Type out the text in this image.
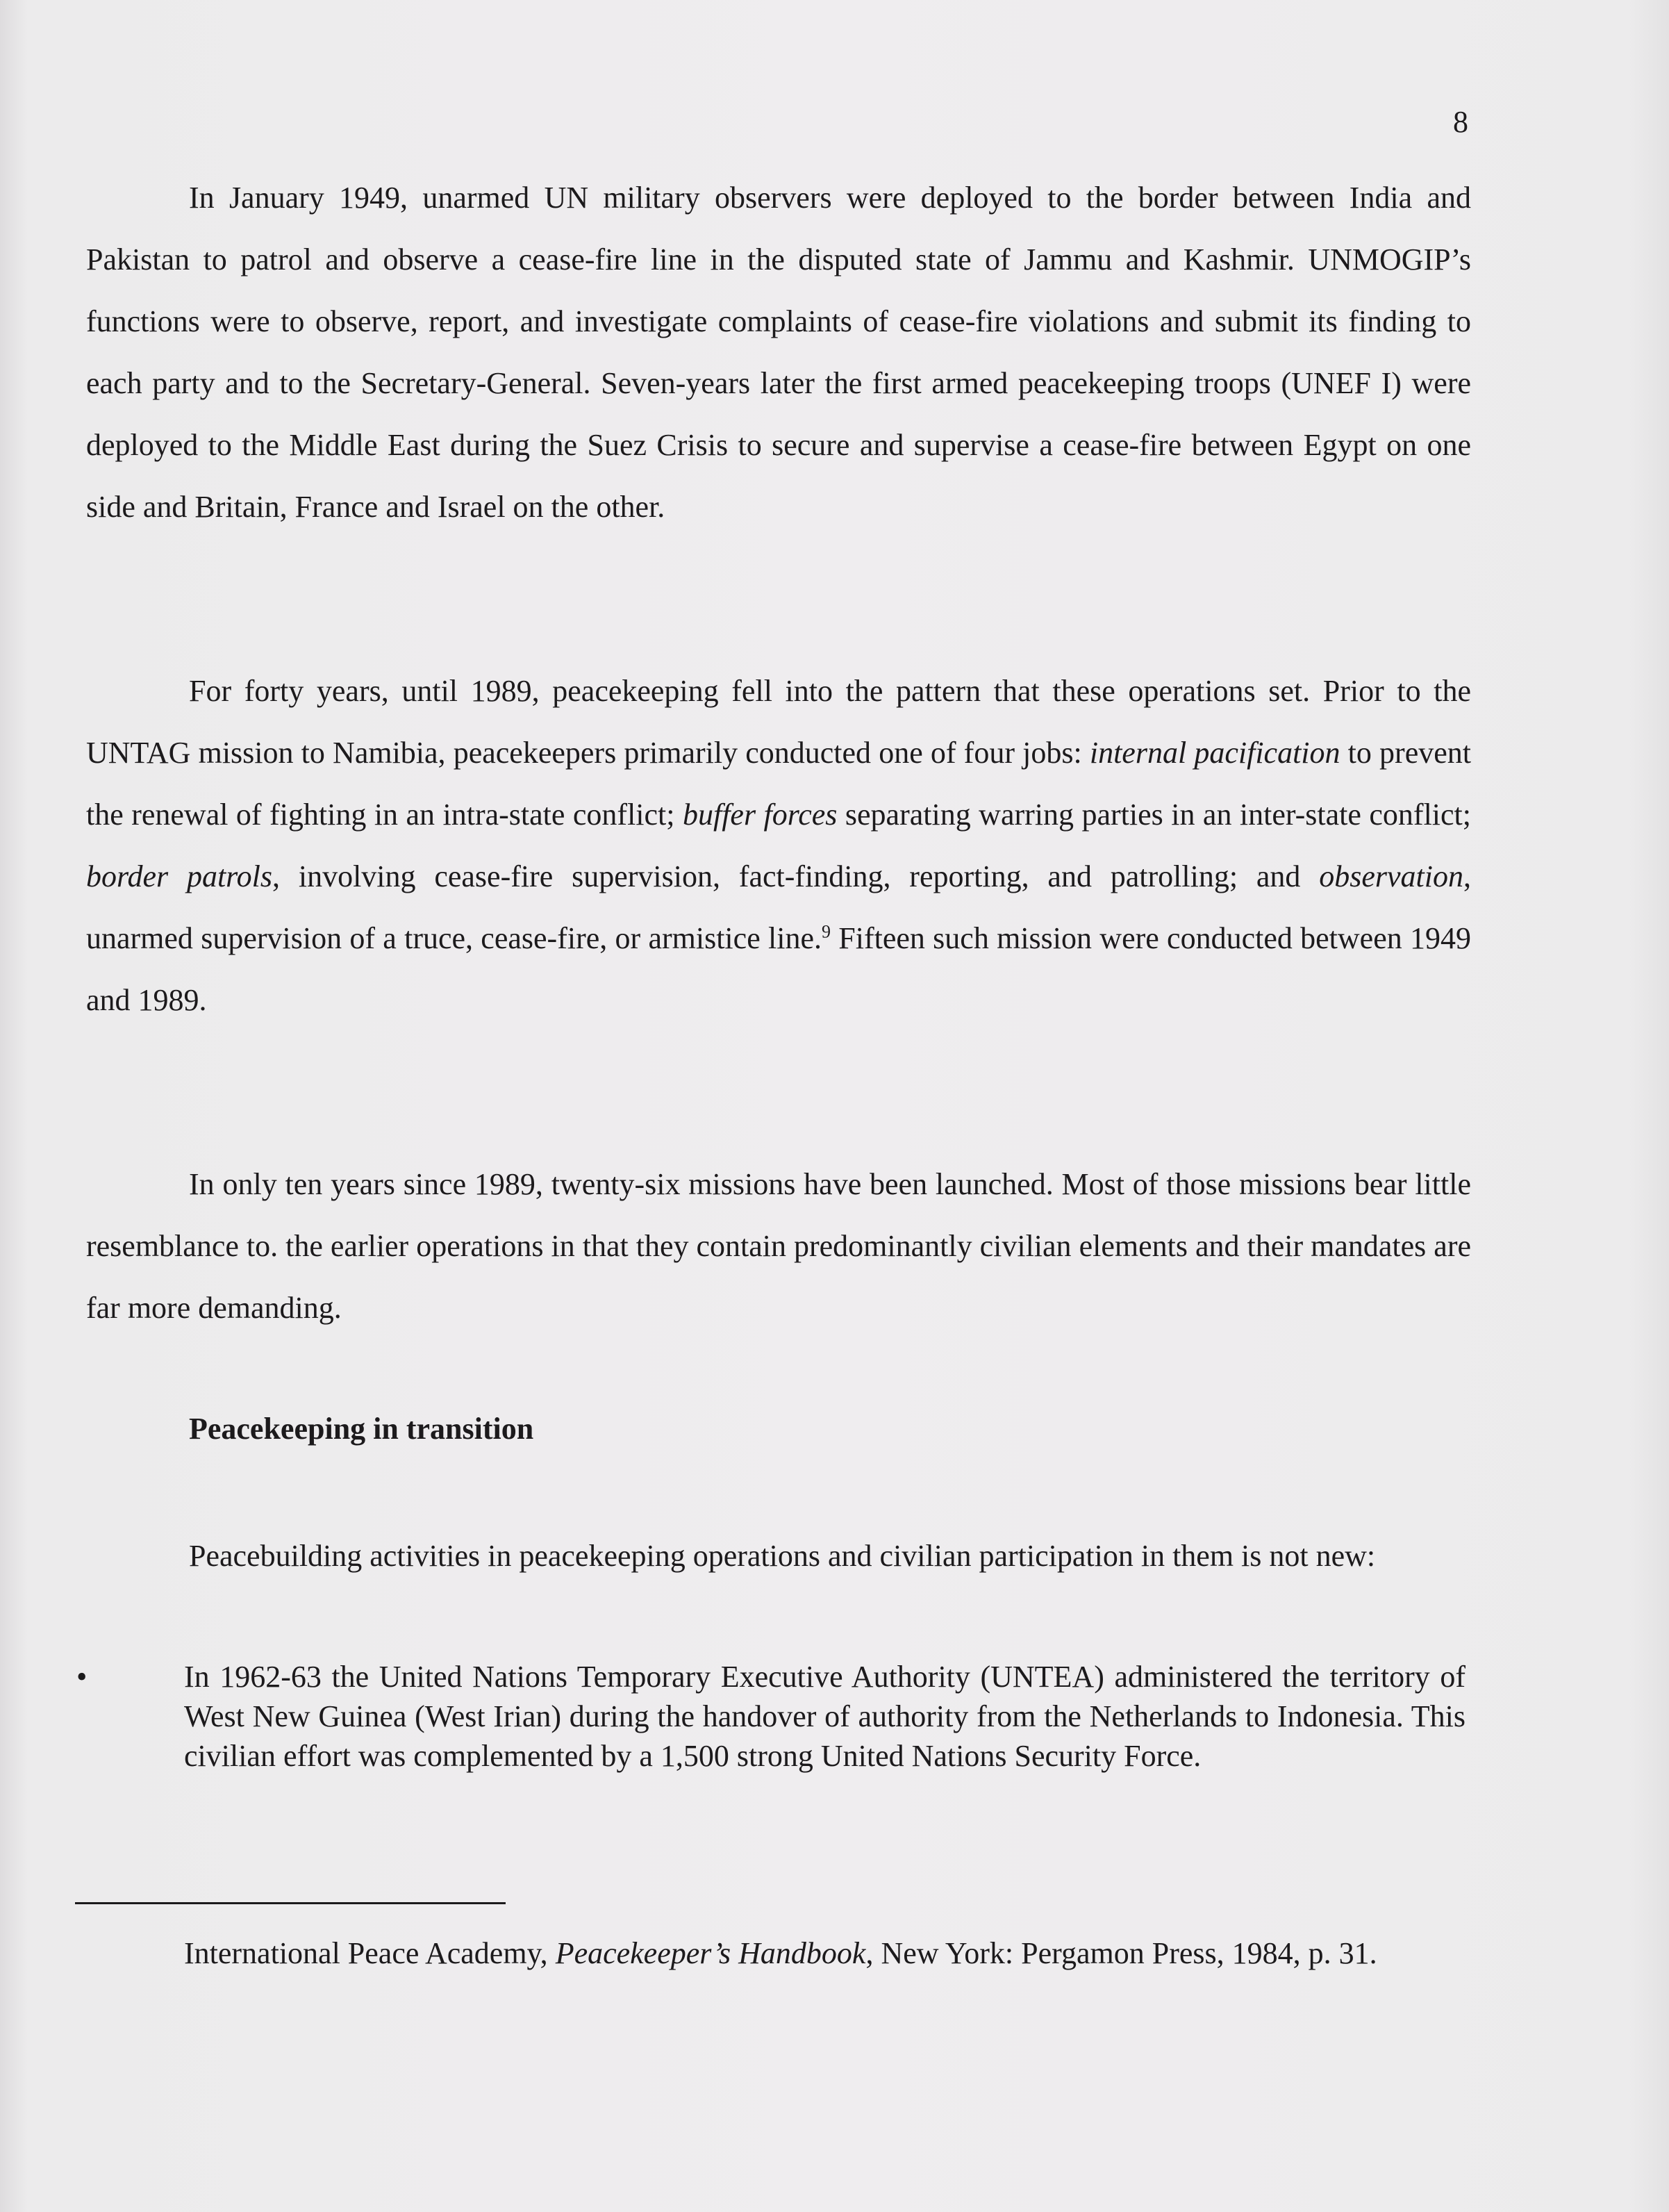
8

In January 1949, unarmed UN military observers were deployed to the border between India and Pakistan to patrol and observe a cease-fire line in the disputed state of Jammu and Kashmir. UNMOGIP’s functions were to observe, report, and investigate complaints of cease-fire violations and submit its finding to each party and to the Secretary-General. Seven-years later the first armed peacekeeping troops (UNEF I) were deployed to the Middle East during the Suez Crisis to secure and supervise a cease-fire between Egypt on one side and Britain, France and Israel on the other.

For forty years, until 1989, peacekeeping fell into the pattern that these operations set. Prior to the UNTAG mission to Namibia, peacekeepers primarily conducted one of four jobs: internal pacification to prevent the renewal of fighting in an intra-state conflict; buffer forces separating warring parties in an inter-state conflict; border patrols, involving cease-fire supervision, fact-finding, reporting, and patrolling; and observation, unarmed supervision of a truce, cease-fire, or armistice line.$^9$ Fifteen such mission were conducted between 1949 and 1989.

In only ten years since 1989, twenty-six missions have been launched. Most of those missions bear little resemblance to. the earlier operations in that they contain predominantly civilian elements and their mandates are far more demanding.

Peacekeeping in transition

Peacebuilding activities in peacekeeping operations and civilian participation in them is not new:

•	In 1962-63 the United Nations Temporary Executive Authority (UNTEA) administered the territory of West New Guinea (West Irian) during the handover of authority from the Netherlands to Indonesia. This civilian effort was complemented by a 1,500 strong United Nations Security Force.

International Peace Academy, Peacekeeper’s Handbook, New York: Pergamon Press, 1984, p. 31.
